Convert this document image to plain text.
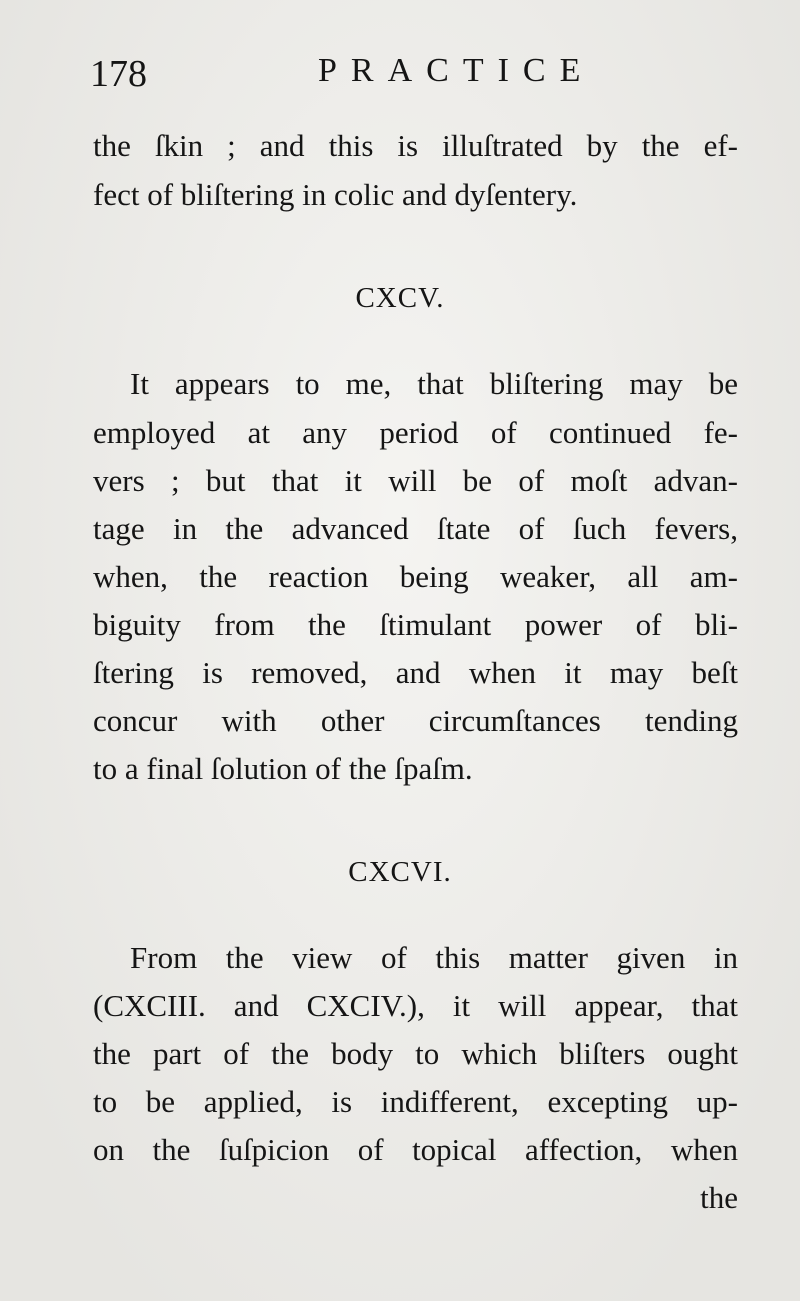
178	PRACTICE
the ſkin ; and this is illuſtrated by the ef-
fect of bliſtering in colic and dyſentery.
CXCV.
It appears to me, that bliſtering may be
employed at any period of continued fe-
vers ; but that it will be of moſt advan-
tage in the advanced ſtate of ſuch fevers,
when, the reaction being weaker, all am-
biguity from the ſtimulant power of bli-
ſtering is removed, and when it may beſt
concur with other circumſtances tending
to a final ſolution of the ſpaſm.
CXCVI.
From the view of this matter given in
(CXCIII. and CXCIV.), it will appear, that
the part of the body to which bliſters ought
to be applied, is indifferent, excepting up-
on the ſuſpicion of topical affection, when
the
